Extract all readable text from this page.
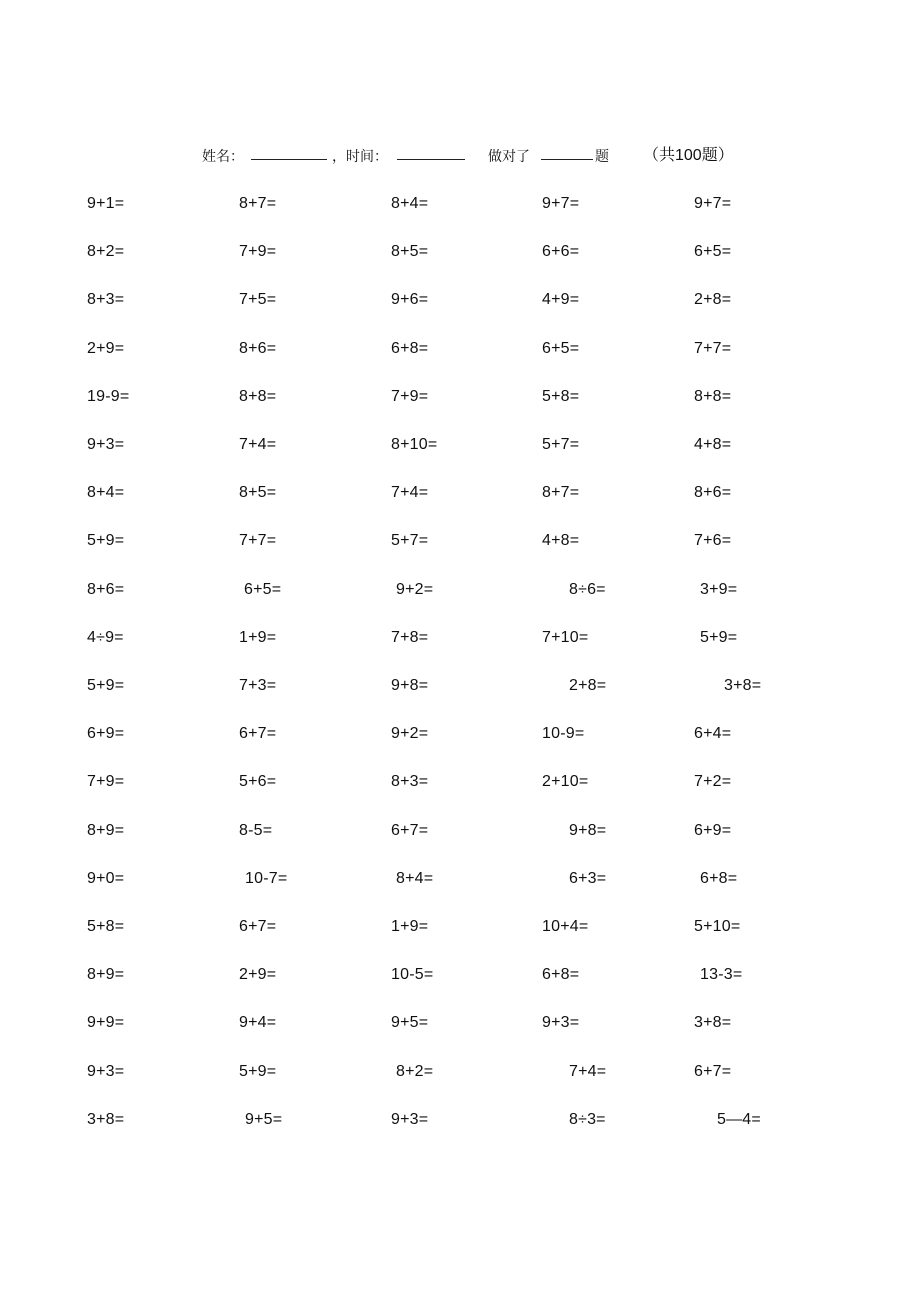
姓名：	，时间：	做对了	题 （共100题）
9+1=	8+7=	8+4=	9+7=	9+7=
8+2=	7+9=	8+5=	6+6=	6+5=
8+3=	7+5=	9+6=	4+9=	2+8=
2+9=	8+6=	6+8=	6+5=	7+7=
19-9=	8+8=	7+9=	5+8=	8+8=
9+3=	7+4=	8+10=	5+7=	4+8=
8+4=	8+5=	7+4=	8+7=	8+6=
5+9=	7+7=	5+7=	4+8=	7+6=
8+6=	6+5=	9+2=	8÷6=	3+9=
4÷9=	1+9=	7+8=	7+10=	5+9=
5+9=	7+3=	9+8=	2+8=	3+8=
6+9=	6+7=	9+2=	10-9=	6+4=
7+9=	5+6=	8+3=	2+10=	7+2=
8+9=	8-5=	6+7=	9+8=	6+9=
9+0=	10-7=	8+4=	6+3=	6+8=
5+8=	6+7=	1+9=	10+4=	5+10=
8+9=	2+9=	10-5=	6+8=	13-3=
9+9=	9+4=	9+5=	9+3=	3+8=
9+3=	5+9=	8+2=	7+4=	6+7=
3+8=	9+5=	9+3=	8÷3=	5—4=
